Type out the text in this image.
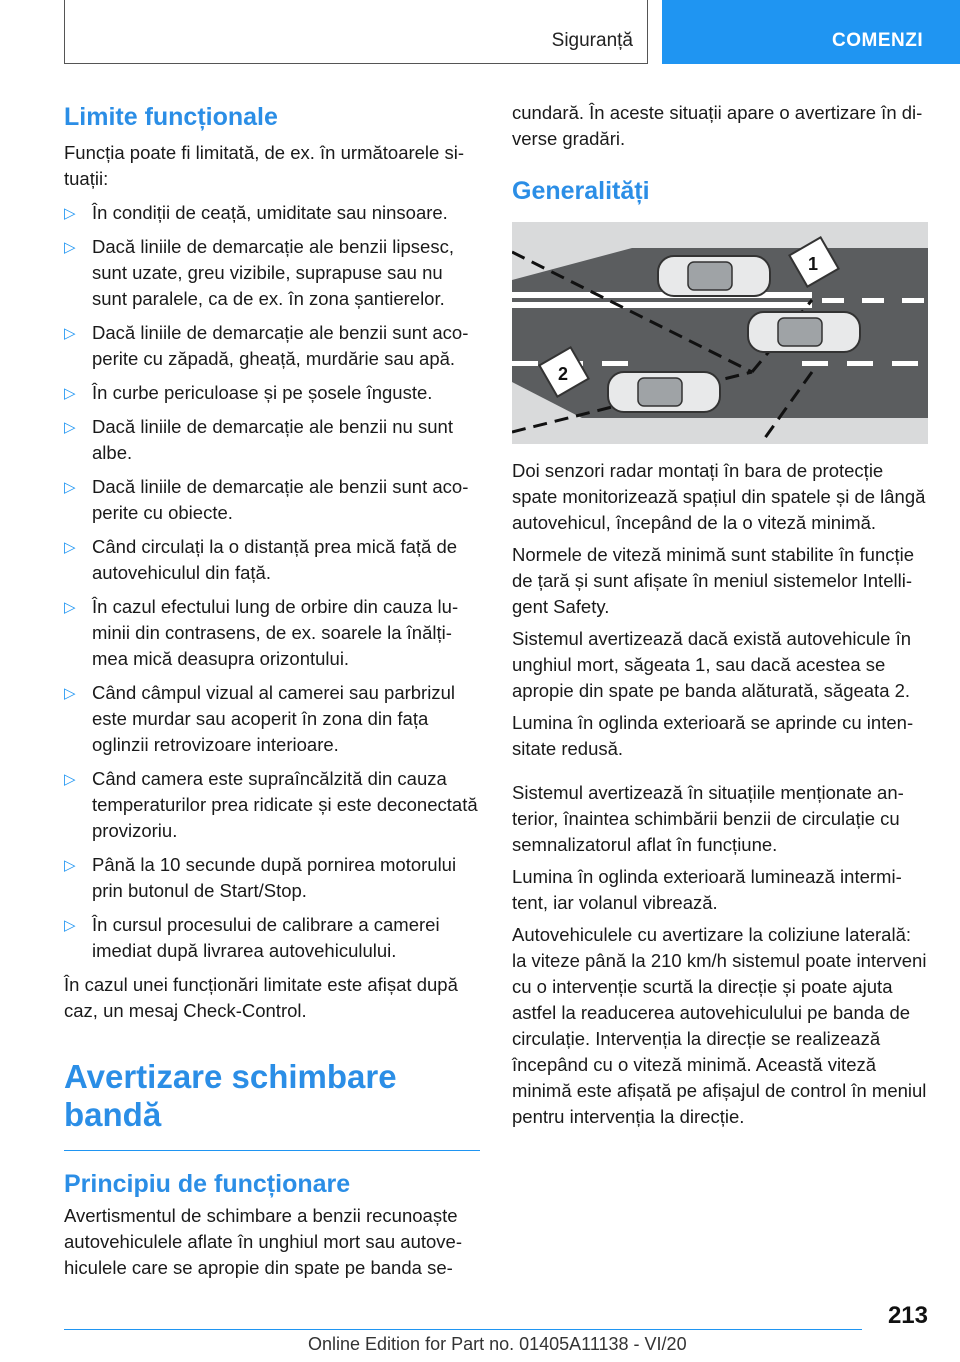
Siguranță	COMENZI
Limite funcționale

Funcția poate fi limitată, de ex. în următoarele situații:

▷ În condiții de ceață, umiditate sau ninsoare.
▷ Dacă liniile de demarcație ale benzii lipsesc, sunt uzate, greu vizibile, suprapuse sau nu sunt paralele, ca de ex. în zona șantierelor.
▷ Dacă liniile de demarcație ale benzii sunt acoperite cu zăpadă, gheață, murdărie sau apă.
▷ În curbe periculoase și pe șosele înguste.
▷ Dacă liniile de demarcație ale benzii nu sunt albe.
▷ Dacă liniile de demarcație ale benzii sunt acoperite cu obiecte.
▷ Când circulați la o distanță prea mică față de autovehiculul din față.
▷ În cazul efectului lung de orbire din cauza luminii din contrasens, de ex. soarele la înălțimea mică deasupra orizontului.
▷ Când câmpul vizual al camerei sau parbrizul este murdar sau acoperit în zona din fața oglinzii retrovizoare interioare.
▷ Când camera este supraîncălzită din cauza temperaturilor prea ridicate și este deconectată provizoriu.
▷ Până la 10 secunde după pornirea motorului prin butonul de Start/Stop.
▷ În cursul procesului de calibrare a camerei imediat după livrarea autovehiculului.

În cazul unei funcționări limitate este afișat după caz, un mesaj Check-Control.

Avertizare schimbare bandă
Principiu de funcționare

Avertismentul de schimbare a benzii recunoaște autovehiculele aflate în unghiul mort sau autovehiculele care se apropie din spate pe banda se-

cundară. În aceste situații apare o avertizare în diverse gradări.

Generalități
1
2

Doi senzori radar montați în bara de protecție spate monitorizează spațiul din spatele și de lângă autovehicul, începând de la o viteză minimă.

Normele de viteză minimă sunt stabilite în funcție de țară și sunt afișate în meniul sistemelor Intelligent Safety.

Sistemul avertizează dacă există autovehicule în unghiul mort, săgeata 1, sau dacă acestea se apropie din spate pe banda alăturată, săgeata 2.

Lumina în oglinda exterioară se aprinde cu intensitate redusă.

Sistemul avertizează în situațiile menționate anterior, înaintea schimbării benzii de circulație cu semnalizatorul aflat în funcțiune.

Lumina în oglinda exterioară luminează intermitent, iar volanul vibrează.

Autovehiculele cu avertizare la coliziune laterală: la viteze până la 210 km/h sistemul poate interveni cu o intervenție scurtă la direcție și poate ajuta astfel la readucerea autovehiculului pe banda de circulație. Intervenția la direcție se realizează începând cu o viteză minimă. Această viteză minimă este afișată pe afișajul de control în meniul pentru intervenția la direcție.

213
Online Edition for Part no. 01405A11138 - VI/20
